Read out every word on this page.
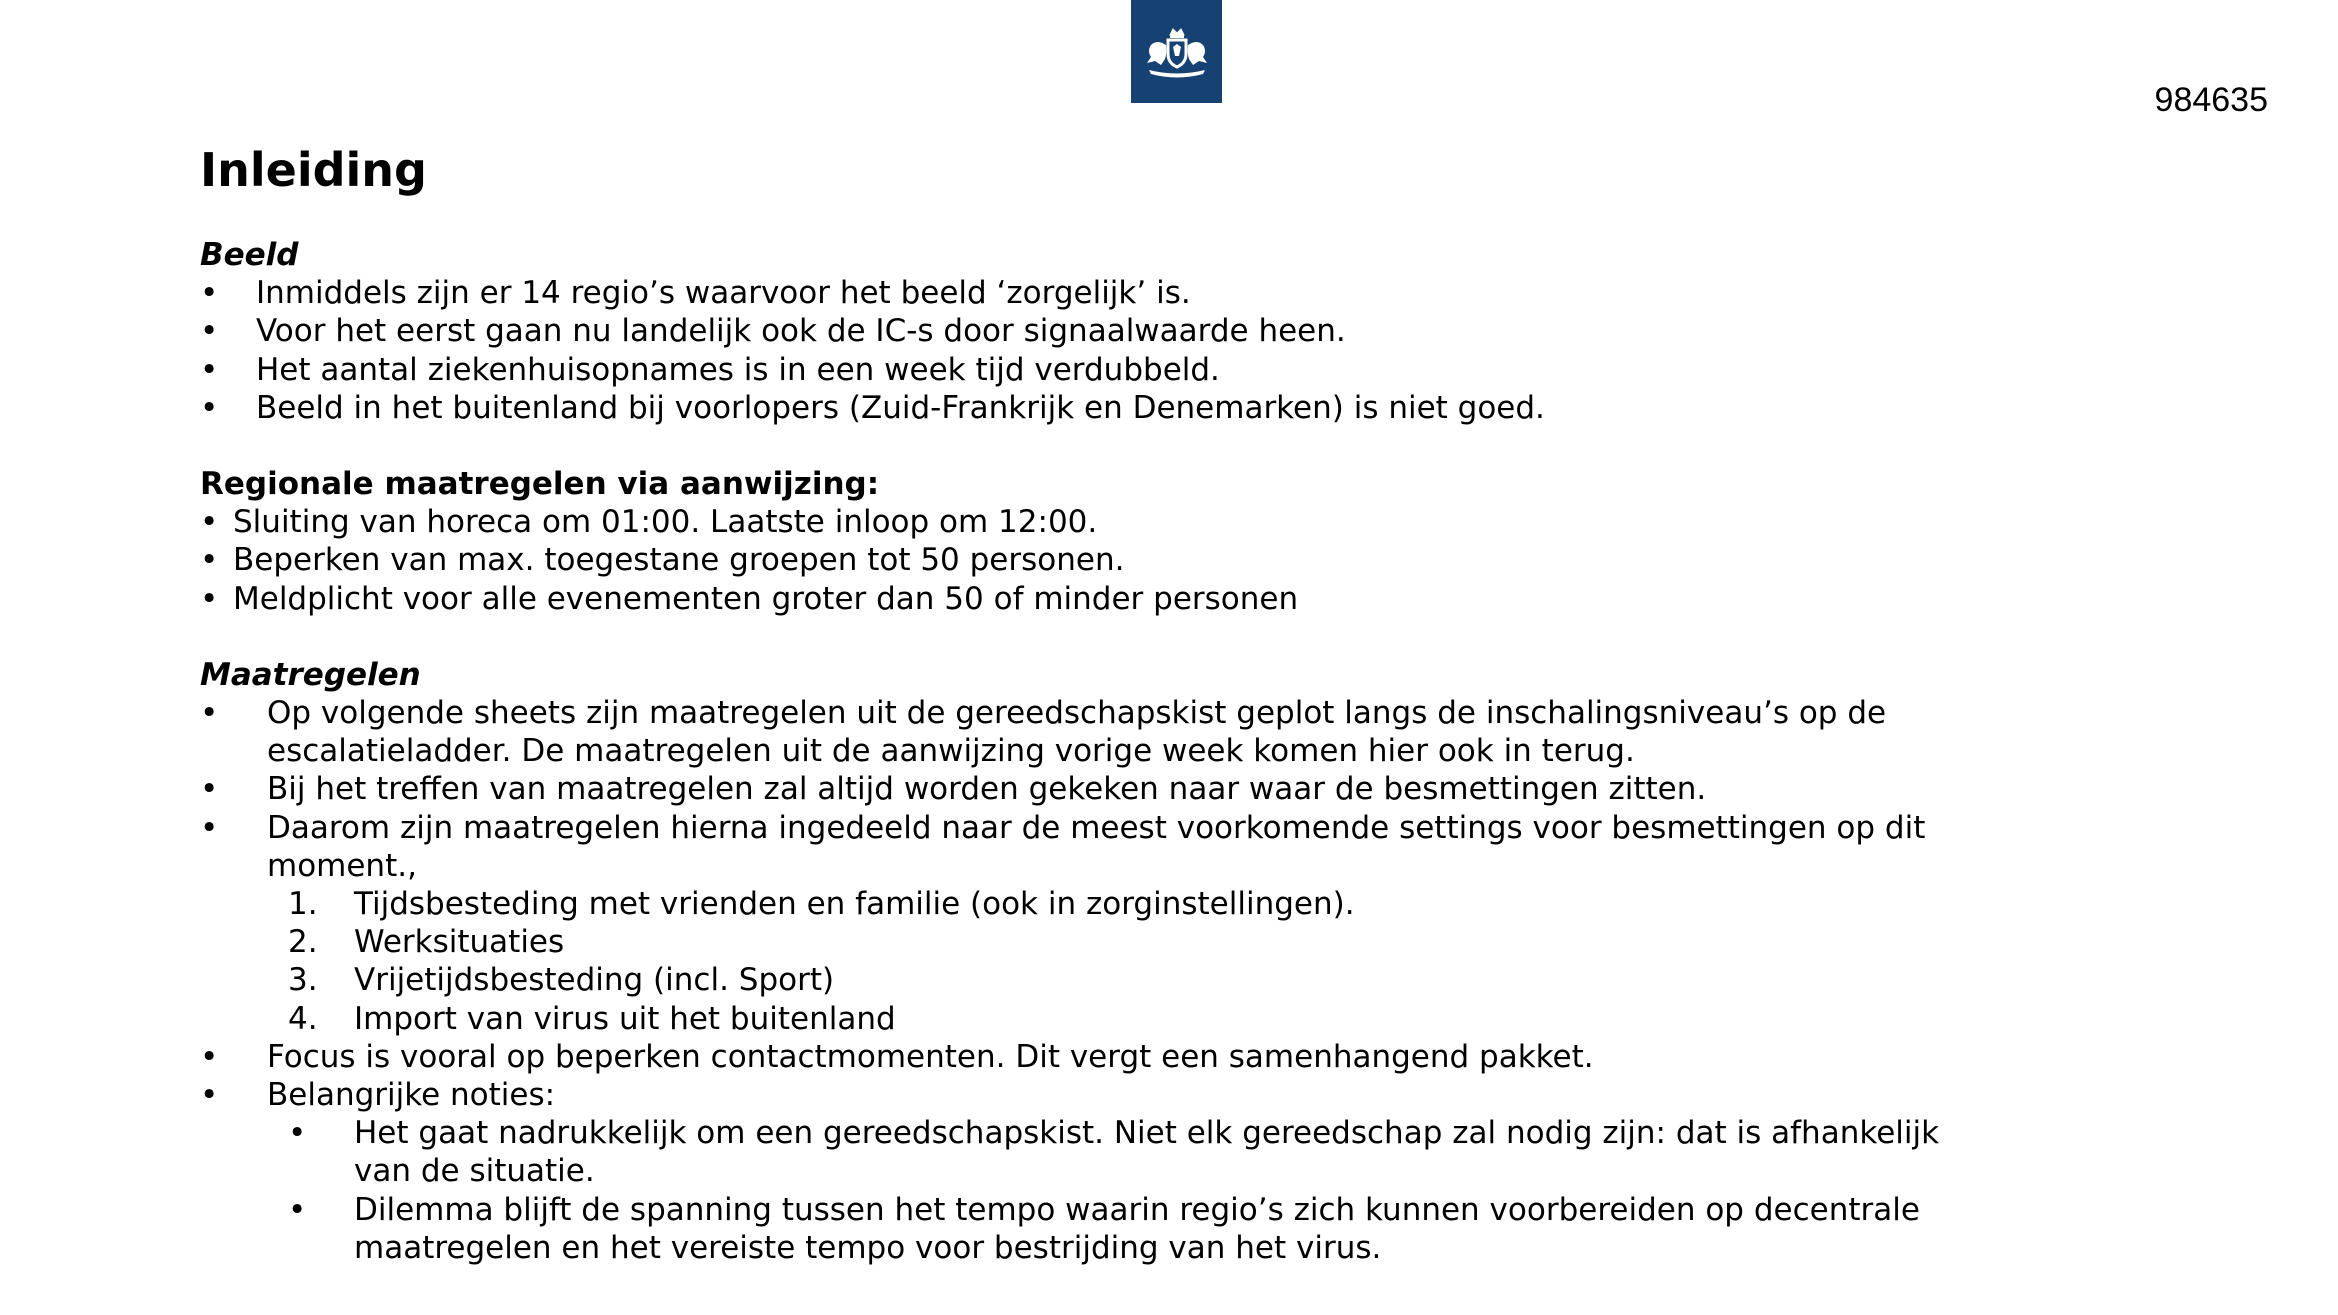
984635
Inleiding

Beeld

• Inmiddels zijn er 14 regio’s waarvoor het beeld ‘zorgelijk’ is.
• Voor het eerst gaan nu landelijk ook de IC-s door signaalwaarde heen.
• Het aantal ziekenhuisopnames is in een week tijd verdubbeld.
• Beeld in het buitenland bij voorlopers (Zuid-Frankrijk en Denemarken) is niet goed.

Regionale maatregelen via aanwijzing:

• Sluiting van horeca om 01:00. Laatste inloop om 12:00.
• Beperken van max. toegestane groepen tot 50 personen.
• Meldplicht voor alle evenementen groter dan 50 of minder personen

Maatregelen

• Op volgende sheets zijn maatregelen uit de gereedschapskist geplot langs de inschalingsniveau’s op de escalatieladder. De maatregelen uit de aanwijzing vorige week komen hier ook in terug.
• Bij het treffen van maatregelen zal altijd worden gekeken naar waar de besmettingen zitten.
• Daarom zijn maatregelen hierna ingedeeld naar de meest voorkomende settings voor besmettingen op dit moment.,
1. Tijdsbesteding met vrienden en familie (ook in zorginstellingen).
2. Werksituaties
3. Vrijetijdsbesteding (incl. Sport)
4. Import van virus uit het buitenland
• Focus is vooral op beperken contactmomenten. Dit vergt een samenhangend pakket.
• Belangrijke noties:
• Het gaat nadrukkelijk om een gereedschapskist. Niet elk gereedschap zal nodig zijn: dat is afhankelijk van de situatie.
• Dilemma blijft de spanning tussen het tempo waarin regio’s zich kunnen voorbereiden op decentrale maatregelen en het vereiste tempo voor bestrijding van het virus.
